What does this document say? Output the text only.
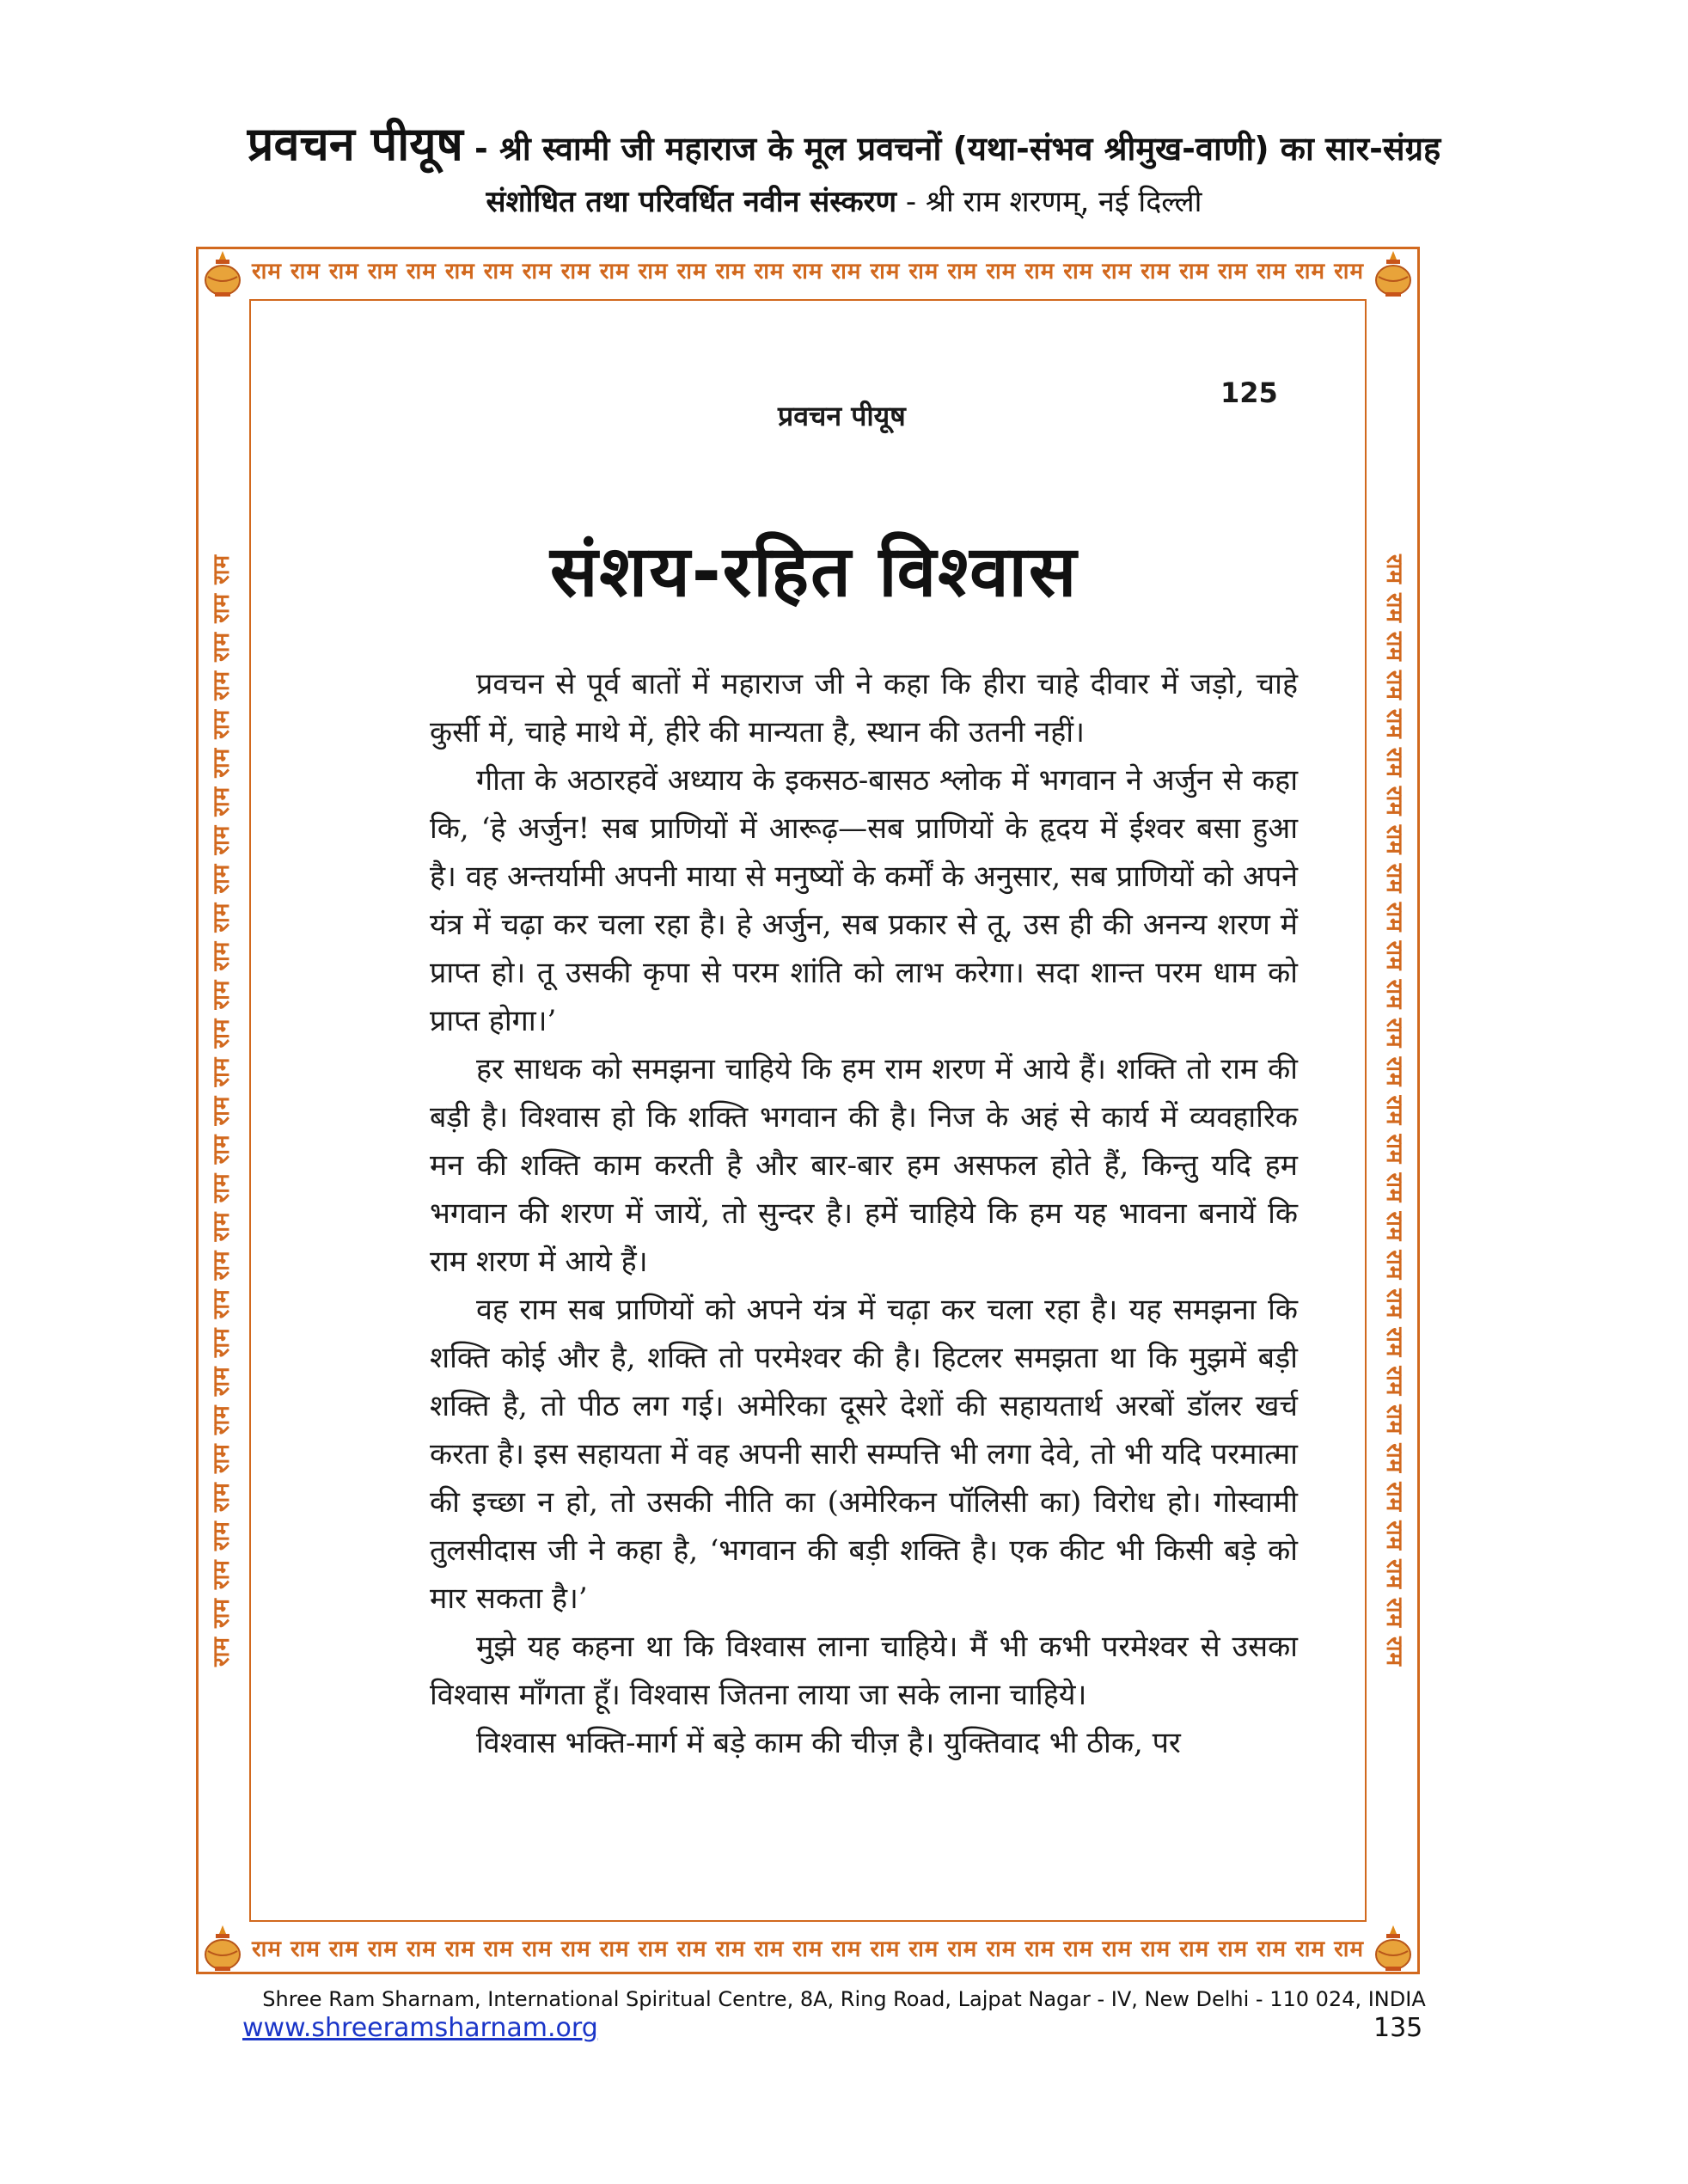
प्रवचन पीयूष - श्री स्वामी जी महाराज के मूल प्रवचनों (यथा-संभव श्रीमुख-वाणी) का सार-संग्रह
संशोधित तथा परिवर्धित नवीन संस्करण - श्री राम शरणम्, नई दिल्ली
राम राम राम राम राम राम राम राम राम राम राम राम राम राम राम राम राम राम राम राम राम राम राम राम राम राम राम राम राम
राम राम राम राम राम राम राम राम राम राम राम राम राम राम राम राम राम राम राम राम राम राम राम राम राम राम राम राम राम
राम राम राम राम राम राम राम राम राम राम राम राम राम राम राम राम राम राम राम राम राम राम राम राम राम राम राम राम राम	राम राम राम राम राम राम राम राम राम राम राम राम राम राम राम राम राम राम राम राम राम राम राम राम राम राम राम राम राम
प्रवचन पीयूष
125
संशय-रहित विश्वास

प्रवचन से पूर्व बातों में महाराज जी ने कहा कि हीरा चाहे दीवार में जड़ो, चाहे कुर्सी में, चाहे माथे में, हीरे की मान्यता है, स्थान की उतनी नहीं।

गीता के अठारहवें अध्याय के इकसठ-बासठ श्लोक में भगवान ने अर्जुन से कहा कि, ‘हे अर्जुन! सब प्राणियों में आरूढ़—सब प्राणियों के हृदय में ईश्वर बसा हुआ है। वह अन्तर्यामी अपनी माया से मनुष्यों के कर्मों के अनुसार, सब प्राणियों को अपने यंत्र में चढ़ा कर चला रहा है। हे अर्जुन, सब प्रकार से तू, उस ही की अनन्य शरण में प्राप्त हो। तू उसकी कृपा से परम शांति को लाभ करेगा। सदा शान्त परम धाम को प्राप्त होगा।’

हर साधक को समझना चाहिये कि हम राम शरण में आये हैं। शक्ति तो राम की बड़ी है। विश्वास हो कि शक्ति भगवान की है। निज के अहं से कार्य में व्यवहारिक मन की शक्ति काम करती है और बार-बार हम असफल होते हैं, किन्तु यदि हम भगवान की शरण में जायें, तो सुन्दर है। हमें चाहिये कि हम यह भावना बनायें कि राम शरण में आये हैं।

वह राम सब प्राणियों को अपने यंत्र में चढ़ा कर चला रहा है। यह समझना कि शक्ति कोई और है, शक्ति तो परमेश्वर की है। हिटलर समझता था कि मुझमें बड़ी शक्ति है, तो पीठ लग गई। अमेरिका दूसरे देशों की सहायतार्थ अरबों डॉलर खर्च करता है। इस सहायता में वह अपनी सारी सम्पत्ति भी लगा देवे, तो भी यदि परमात्मा की इच्छा न हो, तो उसकी नीति का (अमेरिकन पॉलिसी का) विरोध हो। गोस्वामी तुलसीदास जी ने कहा है, ‘भगवान की बड़ी शक्ति है। एक कीट भी किसी बड़े को मार सकता है।’

मुझे यह कहना था कि विश्वास लाना चाहिये। मैं भी कभी परमेश्वर से उसका विश्वास माँगता हूँ। विश्वास जितना लाया जा सके लाना चाहिये।

विश्वास भक्ति-मार्ग में बड़े काम की चीज़ है। युक्तिवाद भी ठीक, पर

Shree Ram Sharnam, International Spiritual Centre, 8A, Ring Road, Lajpat Nagar - IV, New Delhi - 110 024, INDIA
www.shreeramsharnam.org	135
